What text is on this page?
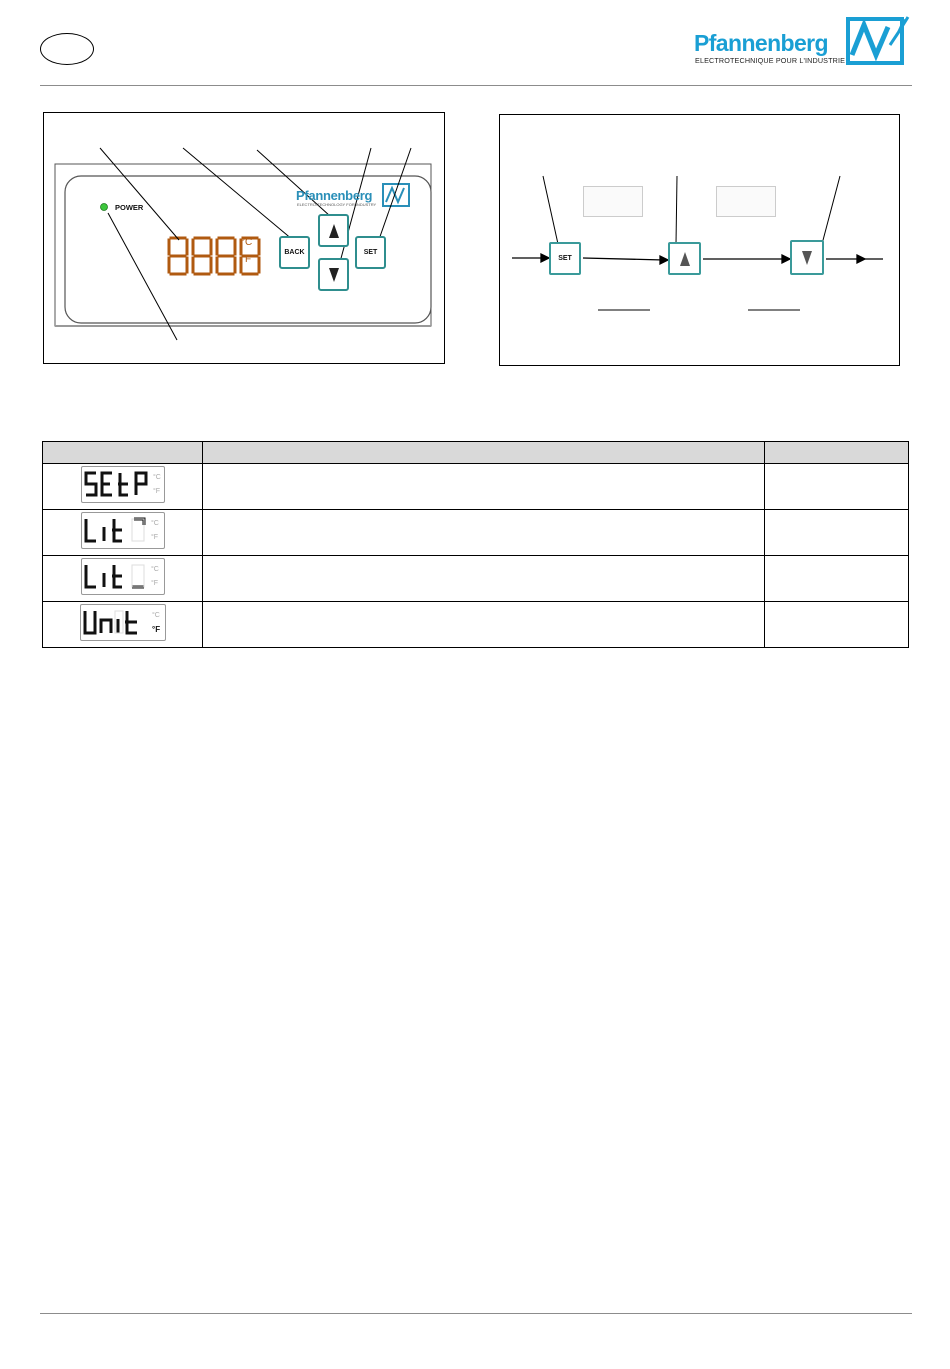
Pfannenberg
ELECTROTECHNIQUE POUR L'INDUSTRIE
POWER
Pfannenberg
ELECTRO-TECHNOLOGY FOR INDUSTRY
°C
°F
BACK	SET
SET

°C
°F		

°C
°F		

°C
°F		

°C
°F		
